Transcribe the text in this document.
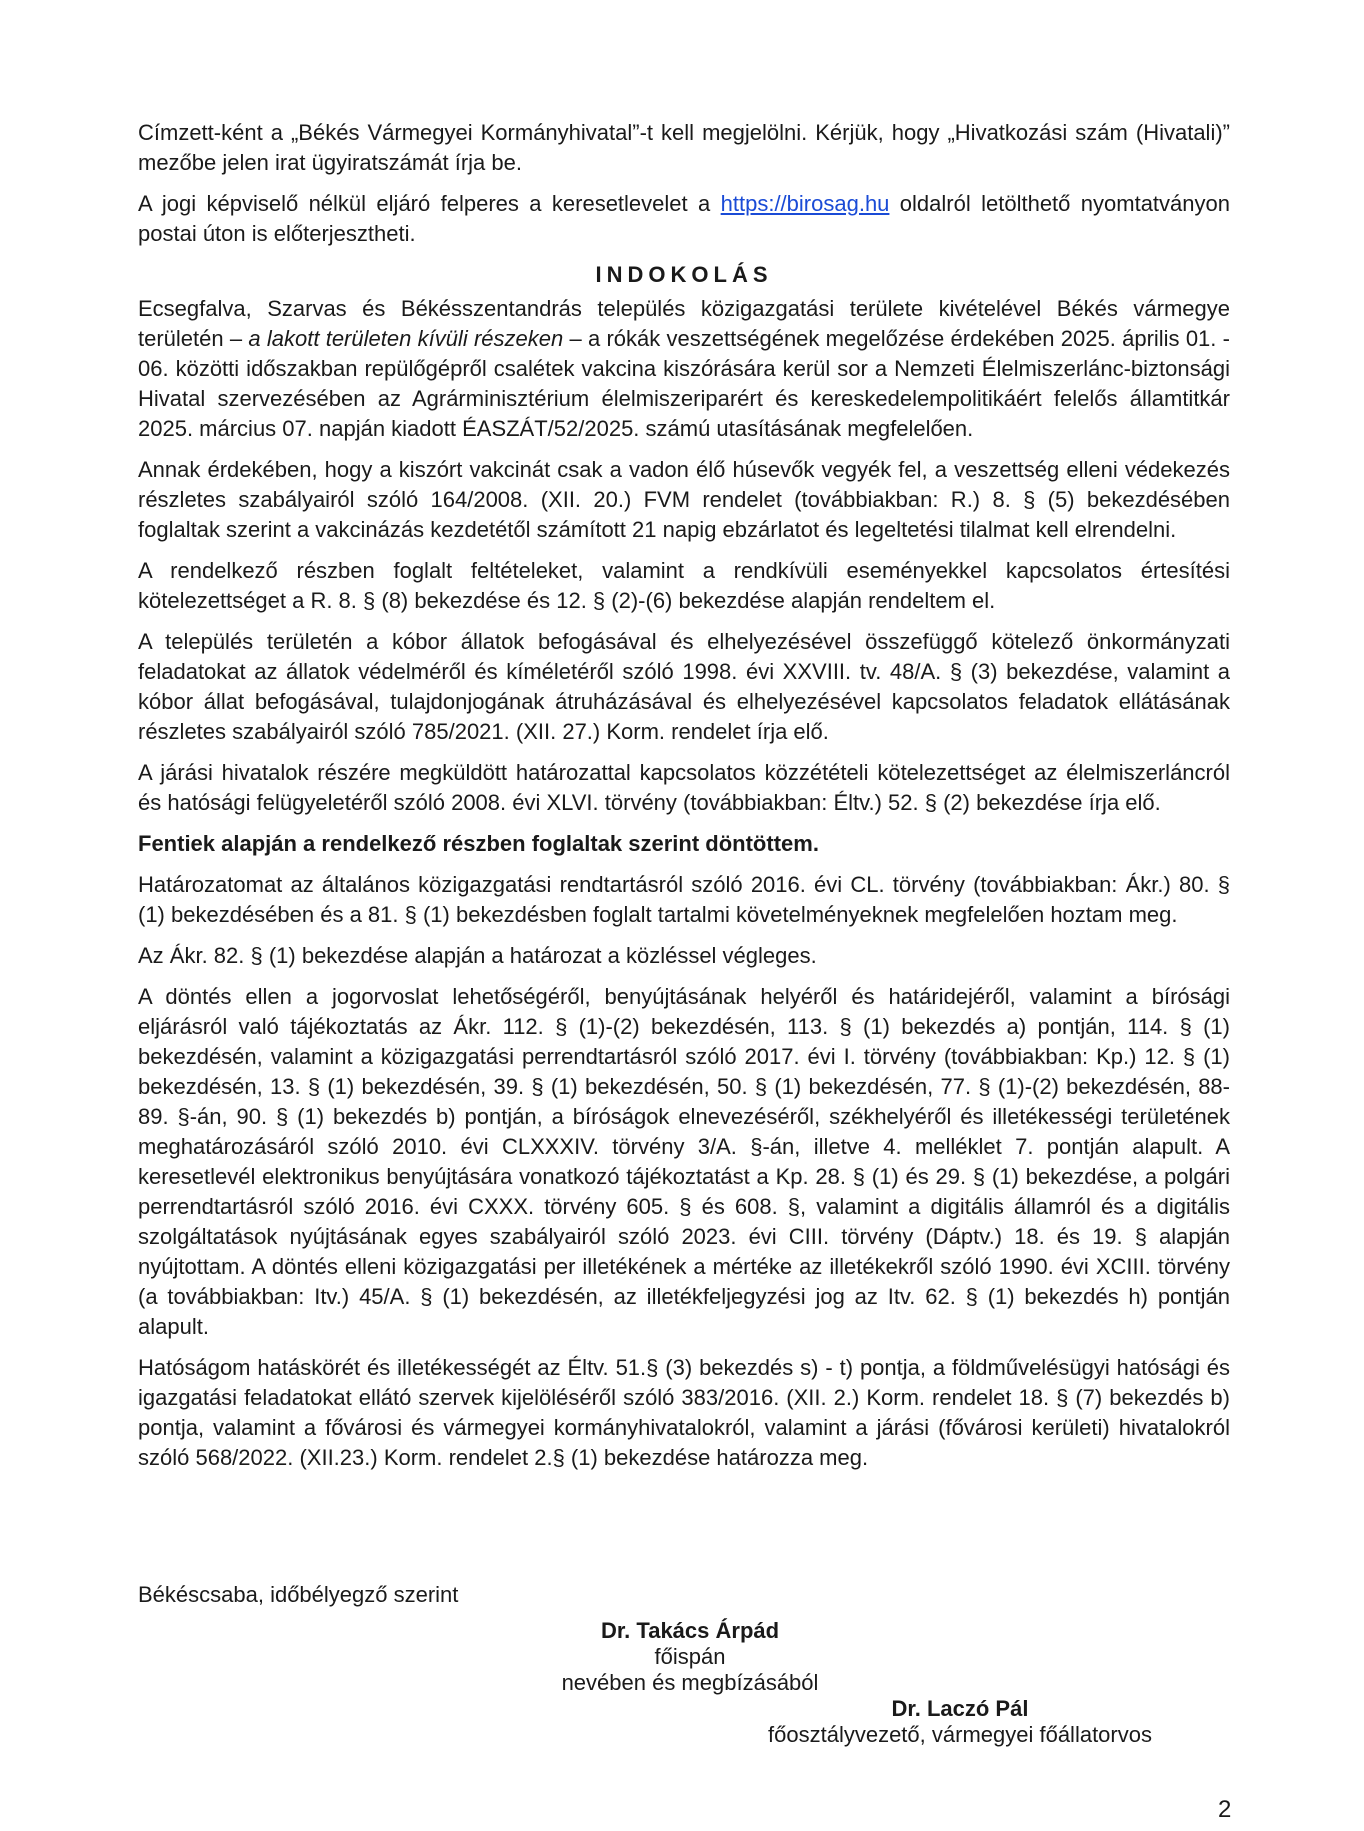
Címzett-ként a „Békés Vármegyei Kormányhivatal”-t kell megjelölni. Kérjük, hogy „Hivatkozási szám (Hivatali)” mezőbe jelen irat ügyiratszámát írja be.

A jogi képviselő nélkül eljáró felperes a keresetlevelet a https://birosag.hu oldalról letölthető nyomtatványon postai úton is előterjesztheti.

INDOKOLÁS

Ecsegfalva, Szarvas és Békésszentandrás település közigazgatási területe kivételével Békés vármegye területén – a lakott területen kívüli részeken – a rókák veszettségének megelőzése érdekében 2025. április 01. - 06. közötti időszakban repülőgépről csalétek vakcina kiszórására kerül sor a Nemzeti Élelmiszerlánc-biztonsági Hivatal szervezésében az Agrárminisztérium élelmiszeriparért és kereskedelempolitikáért felelős államtitkár 2025. március 07. napján kiadott ÉASZÁT/52/2025. számú utasításának megfelelően.

Annak érdekében, hogy a kiszórt vakcinát csak a vadon élő húsevők vegyék fel, a veszettség elleni védekezés részletes szabályairól szóló 164/2008. (XII. 20.) FVM rendelet (továbbiakban: R.) 8. § (5) bekezdésében foglaltak szerint a vakcinázás kezdetétől számított 21 napig ebzárlatot és legeltetési tilalmat kell elrendelni.

A rendelkező részben foglalt feltételeket, valamint a rendkívüli eseményekkel kapcsolatos értesítési kötelezettséget a R. 8. § (8) bekezdése és 12. § (2)-(6) bekezdése alapján rendeltem el.

A település területén a kóbor állatok befogásával és elhelyezésével összefüggő kötelező önkormányzati feladatokat az állatok védelméről és kíméletéről szóló 1998. évi XXVIII. tv. 48/A. § (3) bekezdése, valamint a kóbor állat befogásával, tulajdonjogának átruházásával és elhelyezésével kapcsolatos feladatok ellátásának részletes szabályairól szóló 785/2021. (XII. 27.) Korm. rendelet írja elő.

A járási hivatalok részére megküldött határozattal kapcsolatos közzétételi kötelezettséget az élelmiszerláncról és hatósági felügyeletéről szóló 2008. évi XLVI. törvény (továbbiakban: Éltv.) 52. § (2) bekezdése írja elő.

Fentiek alapján a rendelkező részben foglaltak szerint döntöttem.

Határozatomat az általános közigazgatási rendtartásról szóló 2016. évi CL. törvény (továbbiakban: Ákr.) 80. § (1) bekezdésében és a 81. § (1) bekezdésben foglalt tartalmi követelményeknek megfelelően hoztam meg.

Az Ákr. 82. § (1) bekezdése alapján a határozat a közléssel végleges.

A döntés ellen a jogorvoslat lehetőségéről, benyújtásának helyéről és határidejéről, valamint a bírósági eljárásról való tájékoztatás az Ákr. 112. § (1)-(2) bekezdésén, 113. § (1) bekezdés a) pontján, 114. § (1) bekezdésén, valamint a közigazgatási perrendtartásról szóló 2017. évi I. törvény (továbbiakban: Kp.) 12. § (1) bekezdésén, 13. § (1) bekezdésén, 39. § (1) bekezdésén, 50. § (1) bekezdésén, 77. § (1)-(2) bekezdésén, 88-89. §-án, 90. § (1) bekezdés b) pontján, a bíróságok elnevezéséről, székhelyéről és illetékességi területének meghatározásáról szóló 2010. évi CLXXXIV. törvény 3/A. §-án, illetve 4. melléklet 7. pontján alapult. A keresetlevél elektronikus benyújtására vonatkozó tájékoztatást a Kp. 28. § (1) és 29. § (1) bekezdése, a polgári perrendtartásról szóló 2016. évi CXXX. törvény 605. § és 608. §, valamint a digitális államról és a digitális szolgáltatások nyújtásának egyes szabályairól szóló 2023. évi CIII. törvény (Dáptv.) 18. és 19. § alapján nyújtottam. A döntés elleni közigazgatási per illetékének a mértéke az illetékekről szóló 1990. évi XCIII. törvény (a továbbiakban: Itv.) 45/A. § (1) bekezdésén, az illetékfeljegyzési jog az Itv. 62. § (1) bekezdés h) pontján alapult.

Hatóságom hatáskörét és illetékességét az Éltv. 51.§ (3) bekezdés s) - t) pontja, a földművelésügyi hatósági és igazgatási feladatokat ellátó szervek kijelöléséről szóló 383/2016. (XII. 2.) Korm. rendelet 18. § (7) bekezdés b) pontja, valamint a fővárosi és vármegyei kormányhivatalokról, valamint a járási (fővárosi kerületi) hivatalokról szóló 568/2022. (XII.23.) Korm. rendelet 2.§ (1) bekezdése határozza meg.

Békéscsaba, időbélyegző szerint
Dr. Takács Árpád
főispán
nevében és megbízásából
Dr. Laczó Pál
főosztályvezető, vármegyei főállatorvos
2
